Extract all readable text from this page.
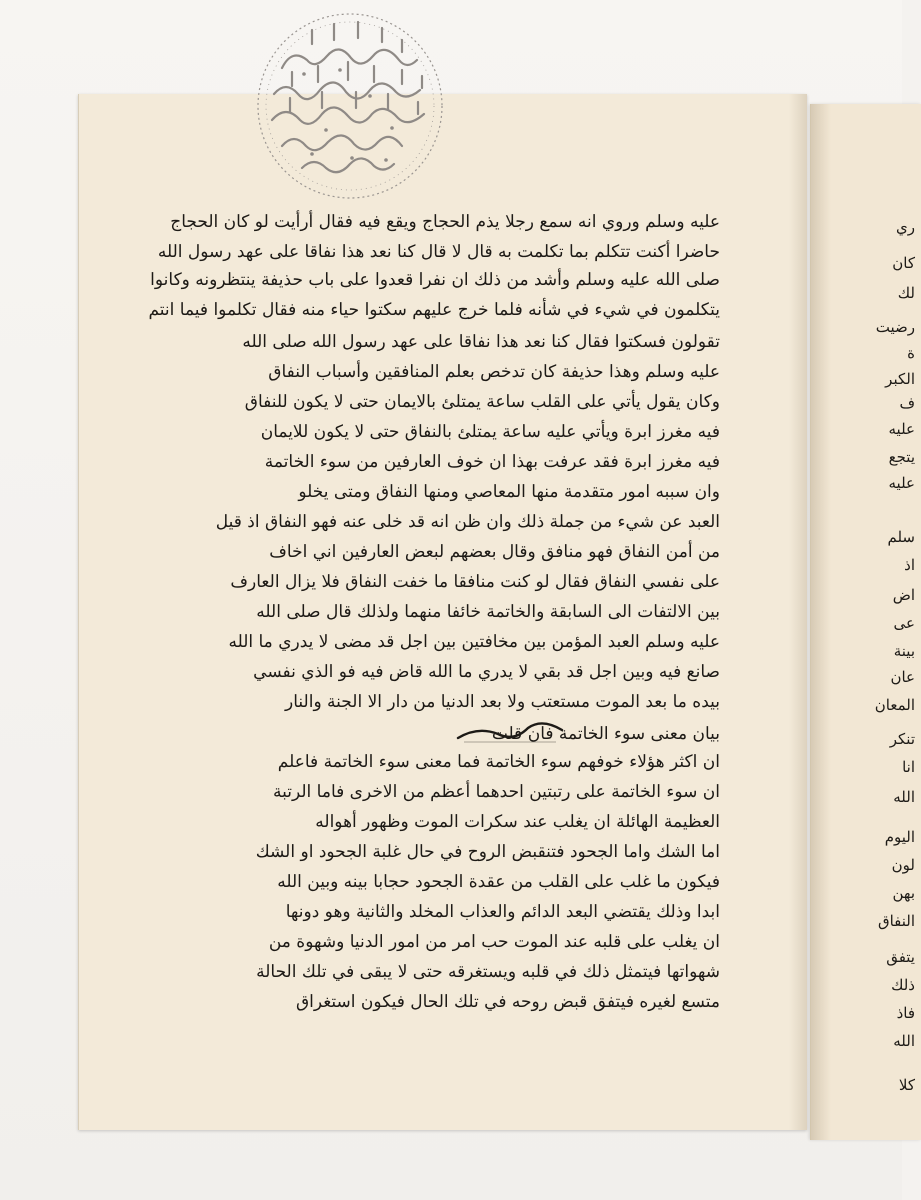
ري
كان
لك
رضيت
ة
الكبر
ف
عليه
يتجع
عليه
سلم
اذ
اض
عى
بينة
عان
المعان
تنكر
انا
الله
اليوم
لون
بهن
النفاق
يتفق
ذلك
فاذ
الله
كلا
عليه وسلم وروي انه سمع رجلا يذم الحجاج ويقع فيه فقال أرأيت لو كان الحجاج
حاضرا أكنت تتكلم بما تكلمت به قال لا قال كنا نعد هذا نفاقا على عهد رسول الله
صلى الله عليه وسلم وأشد من ذلك ان نفرا قعدوا على باب حذيفة ينتظرونه وكانوا
يتكلمون في شيء في شأنه فلما خرج عليهم سكتوا حياء منه فقال تكلموا فيما انتم
تقولون فسكتوا فقال كنا نعد هذا نفاقا على عهد رسول الله صلى الله
عليه وسلم وهذا حذيفة كان تدخص بعلم المنافقين وأسباب النفاق
وكان يقول يأتي على القلب ساعة يمتلئ بالايمان حتى لا يكون للنفاق
فيه مغرز ابرة ويأتي عليه ساعة يمتلئ بالنفاق حتى لا يكون للايمان
فيه مغرز ابرة فقد عرفت بهذا ان خوف العارفين من سوء الخاتمة
وان سببه امور متقدمة منها المعاصي ومنها النفاق ومتى يخلو
العبد عن شيء من جملة ذلك وان ظن انه قد خلى عنه فهو النفاق اذ قيل
من أمن النفاق فهو منافق وقال بعضهم لبعض العارفين اني اخاف
على نفسي النفاق فقال لو كنت منافقا ما خفت النفاق فلا يزال العارف
بين الالتفات الى السابقة والخاتمة خائفا منهما ولذلك قال صلى الله
عليه وسلم العبد المؤمن بين مخافتين بين اجل قد مضى لا يدري ما الله
صانع فيه وبين اجل قد بقي لا يدري ما الله قاض فيه فو الذي نفسي
بيده ما بعد الموت مستعتب ولا بعد الدنيا من دار الا الجنة والنار
بيان معنى سوء الخاتمة فان قلت
ان اكثر هؤلاء خوفهم سوء الخاتمة فما معنى سوء الخاتمة فاعلم
ان سوء الخاتمة على رتبتين احدهما أعظم من الاخرى فاما الرتبة
العظيمة الهائلة ان يغلب عند سكرات الموت وظهور أهواله
اما الشك واما الجحود فتنقبض الروح في حال غلبة الجحود او الشك
فيكون ما غلب على القلب من عقدة الجحود حجابا بينه وبين الله
ابدا وذلك يقتضي البعد الدائم والعذاب المخلد والثانية وهو دونها
ان يغلب على قلبه عند الموت حب امر من امور الدنيا وشهوة من
شهواتها فيتمثل ذلك في قلبه ويستغرقه حتى لا يبقى في تلك الحالة
متسع لغيره فيتفق قبض روحه في تلك الحال فيكون استغراق
